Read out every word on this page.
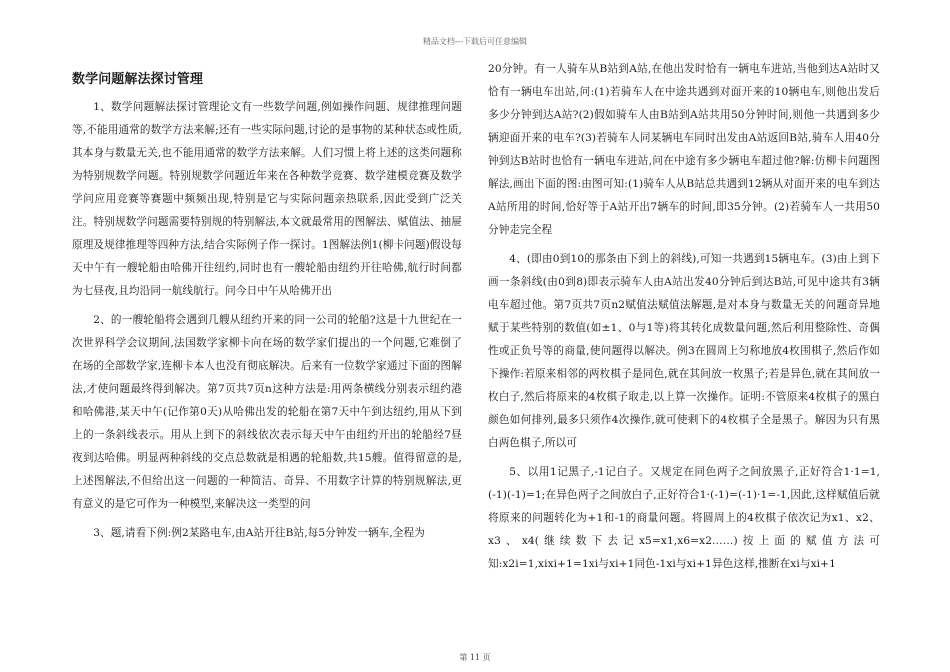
精品文档---下载后可任意编辑
数学问题解法探讨管理

1、数学问题解法探讨管理论文有一些数学问题,例如操作问题、规律推理问题等,不能用通常的数学方法来解;还有一些实际问题,讨论的是事物的某种状态或性质,其本身与数量无关,也不能用通常的数学方法来解。人们习惯上将上述的这类问题称为特别规数学问题。特别规数学问题近年来在各种数学竞赛、数学建模竞赛及数学学问应用竞赛等赛题中频频出现,特别是它与实际问题亲热联系,因此受到广泛关注。特别规数学问题需要特别规的特别解法,本文就最常用的图解法、赋值法、抽屉原理及规律推理等四种方法,结合实际例子作一探讨。1图解法例1(柳卡问题)假设每天中午有一艘轮船由哈佛开往纽约,同时也有一艘轮船由纽约开往哈佛,航行时间都为七昼夜,且均沿同一航线航行。问今日中午从哈佛开出

2、的一艘轮船将会遇到几艘从纽约开来的同一公司的轮船?这是十九世纪在一次世界科学会议期间,法国数学家柳卡向在场的数学家们提出的一个问题,它难倒了在场的全部数学家,连柳卡本人也没有彻底解决。后来有一位数学家通过下面的图解法,才使问题最终得到解决。第7页共7页n这种方法是:用两条横线分别表示纽约港和哈佛港,某天中午(记作第0天)从哈佛出发的轮船在第7天中午到达纽约,用从下到上的一条斜线表示。用从上到下的斜线依次表示每天中午由纽约开出的轮船经7昼夜到达哈佛。明显两种斜线的交点总数就是相遇的轮船数,共15艘。值得留意的是,上述图解法,不但给出这一问题的一种简洁、奇异、不用数字计算的特别规解法,更有意义的是它可作为一种模型,来解决这一类型的问

3、题,请看下例:例2某路电车,由A站开往B站,每5分钟发一辆车,全程为

20分钟。有一人骑车从B站到A站,在他出发时恰有一辆电车进站,当他到达A站时又恰有一辆电车出站,问:(1)若骑车人在中途共遇到对面开来的10辆电车,则他出发后多少分钟到达A站?(2)假如骑车人由B站到A站共用50分钟时间,则他一共遇到多少辆迎面开来的电车?(3)若骑车人同某辆电车同时出发由A站返回B站,骑车人用40分钟到达B站时也恰有一辆电车进站,问在中途有多少辆电车超过他?解:仿柳卡问题图解法,画出下面的图:由图可知:(1)骑车人从B站总共遇到12辆从对面开来的电车到达A站所用的时间,恰好等于A站开出7辆车的时间,即35分钟。(2)若骑车人一共用50分钟走完全程

4、(即由0到10的那条由下到上的斜线),可知一共遇到15辆电车。(3)由上到下画一条斜线(由0到8)即表示骑车人由A站出发40分钟后到达B站,可见中途共有3辆电车超过他。第7页共7页n2赋值法赋值法解题,是对本身与数量无关的问题奇异地赋于某些特别的数值(如±1、0与1等)将其转化成数量问题,然后利用整除性、奇偶性或正负号等的商量,使问题得以解决。例3在圆周上匀称地放4枚围棋子,然后作如下操作:若原来相邻的两枚棋子是同色,就在其间放一枚黑子;若是异色,就在其间放一枚白子,然后将原来的4枚棋子取走,以上算一次操作。证明:不管原来4枚棋子的黑白颜色如何排列,最多只须作4次操作,就可使剩下的4枚棋子全是黑子。解因为只有黑白两色棋子,所以可

5、以用1记黑子,-1记白子。又规定在同色两子之间放黑子,正好符合1·1=1,(-1)(-1)=1;在异色两子之间放白子,正好符合1·(-1)=(-1)·1=-1,因此,这样赋值后就将原来的问题转化为+1和-1的商量问题。将圆周上的4枚棋子依次记为x1、x2、x3、x4(继续数下去记x5=x1,x6=x2……)按上面的赋值方法可知:x2i=1,xixi+1=1xi与xi+1同色-1xi与xi+1异色这样,推断在xi与xi+1

第 11 页
